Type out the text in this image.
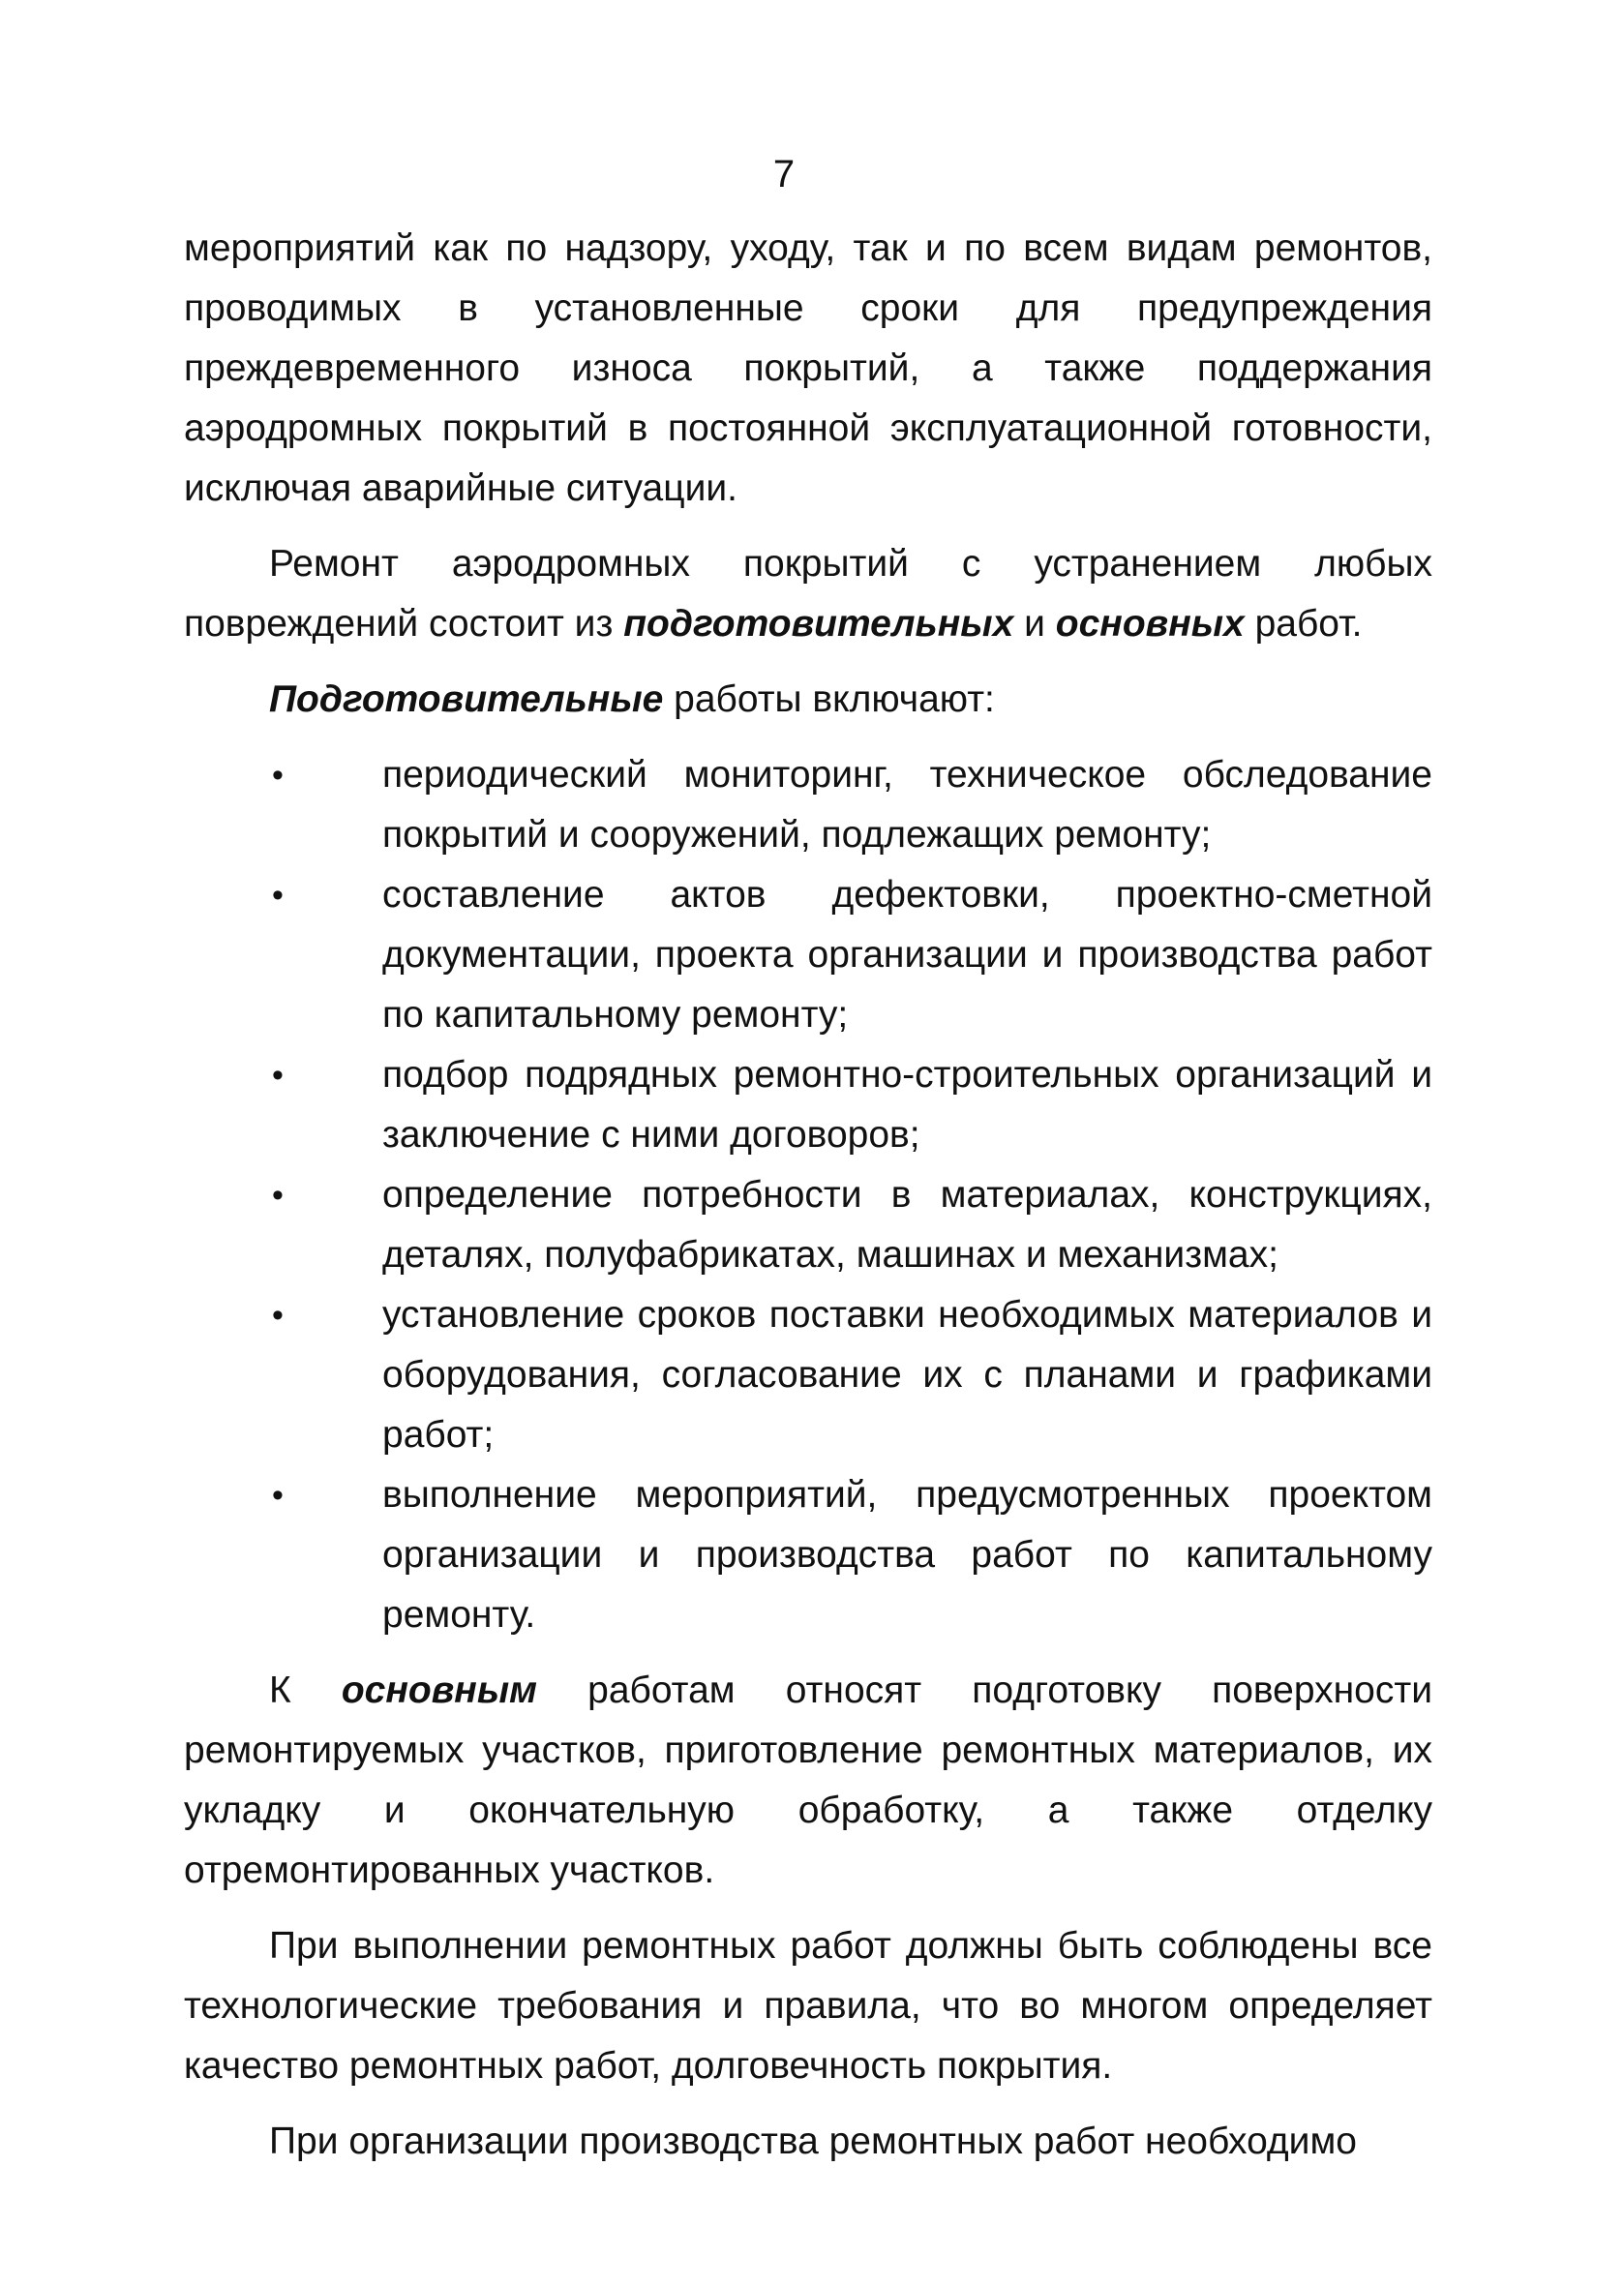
7

мероприятий как по надзору, уходу, так и по всем видам ремонтов, проводимых в установленные сроки для предупреждения преждевременного износа покрытий, а также поддержания аэродромных покрытий в постоянной эксплуатационной готовности, исключая аварийные ситуации.

Ремонт аэродромных покрытий с устранением любых повреждений состоит из подготовительных и основных работ.

Подготовительные работы включают:

•	периодический мониторинг, техническое обследование покрытий и сооружений, подлежащих ремонту;
•	составление актов дефектовки, проектно-сметной документации, проекта организации и производства работ по капитальному ремонту;
•	подбор подрядных ремонтно-строительных организаций и заключение с ними договоров;
•	определение потребности в материалах, конструкциях, деталях, полуфабрикатах, машинах и механизмах;
•	установление сроков поставки необходимых материалов и оборудования, согласование их с планами и графиками работ;
•	выполнение мероприятий, предусмотренных проектом организации и производства работ по капитальному ремонту.

К основным работам относят подготовку поверхности ремонтируемых участков, приготовление ремонтных материалов, их укладку и окончательную обработку, а также отделку отремонтированных участков.

При выполнении ремонтных работ должны быть соблюдены все технологические требования и правила, что во многом определяет качество ремонтных работ, долговечность покрытия.

При организации производства ремонтных работ необходимо
